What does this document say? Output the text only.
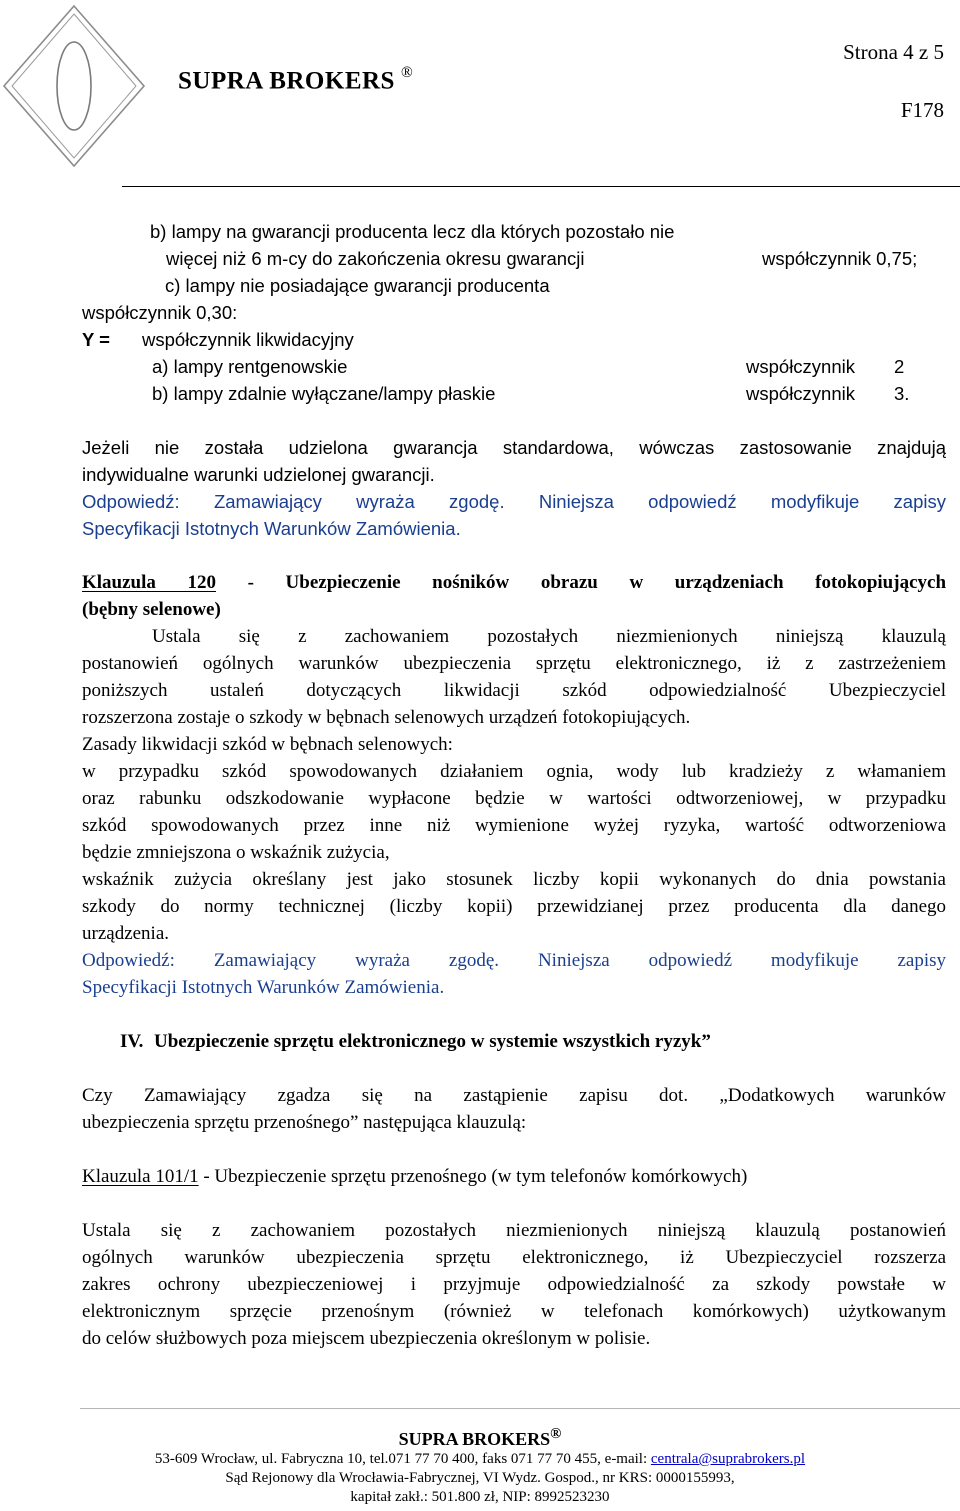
SUPRA BROKERS ®
Strona 4 z 5
F178
b) lampy na gwarancji producenta lecz dla których pozostało nie
więcej niż 6 m-cy do zakończenia okresu gwarancji	współczynnik 0,75;
c) lampy nie posiadające gwarancji producenta
współczynnik 0,30:
Y = współczynnik likwidacyjny
a) lampy rentgenowskie	współczynnik 2
b) lampy zdalnie wyłączane/lampy płaskie	współczynnik 3.
Jeżeli nie została udzielona gwarancja standardowa, wówczas zastosowanie znajdują
indywidualne warunki udzielonej gwarancji.
Odpowiedź: Zamawiający wyraża zgodę. Niniejsza odpowiedź modyfikuje zapisy
Specyfikacji Istotnych Warunków Zamówienia.
Klauzula 120 - Ubezpieczenie nośników obrazu w urządzeniach fotokopiujących
(bębny selenowe)
Ustala się z zachowaniem pozostałych niezmienionych niniejszą klauzulą
postanowień ogólnych warunków ubezpieczenia sprzętu elektronicznego, iż z zastrzeżeniem
poniższych ustaleń dotyczących likwidacji szkód odpowiedzialność Ubezpieczyciel
rozszerzona zostaje o szkody w bębnach selenowych urządzeń fotokopiujących.
Zasady likwidacji szkód w bębnach selenowych:
w przypadku szkód spowodowanych działaniem ognia, wody lub kradzieży z włamaniem
oraz rabunku odszkodowanie wypłacone będzie w wartości odtworzeniowej, w przypadku
szkód spowodowanych przez inne niż wymienione wyżej ryzyka, wartość odtworzeniowa
będzie zmniejszona o wskaźnik zużycia,
wskaźnik zużycia określany jest jako stosunek liczby kopii wykonanych do dnia powstania
szkody do normy technicznej (liczby kopii) przewidzianej przez producenta dla danego
urządzenia.
Odpowiedź: Zamawiający wyraża zgodę. Niniejsza odpowiedź modyfikuje zapisy
Specyfikacji Istotnych Warunków Zamówienia.
IV. Ubezpieczenie sprzętu elektronicznego w systemie wszystkich ryzyk”
Czy Zamawiający zgadza się na zastąpienie zapisu dot. „Dodatkowych warunków
ubezpieczenia sprzętu przenośnego” następująca klauzulą:
Klauzula 101/1 - Ubezpieczenie sprzętu przenośnego (w tym telefonów komórkowych)
Ustala się z zachowaniem pozostałych niezmienionych niniejszą klauzulą postanowień
ogólnych warunków ubezpieczenia sprzętu elektronicznego, iż Ubezpieczyciel rozszerza
zakres ochrony ubezpieczeniowej i przyjmuje odpowiedzialność za szkody powstałe w
elektronicznym sprzęcie przenośnym (również w telefonach komórkowych) użytkowanym
do celów służbowych poza miejscem ubezpieczenia określonym w polisie.
SUPRA BROKERS®
53-609 Wrocław, ul. Fabryczna 10, tel.071 77 70 400, faks 071 77 70 455, e-mail: centrala@suprabrokers.pl
Sąd Rejonowy dla Wrocławia-Fabrycznej, VI Wydz. Gospod., nr KRS: 0000155993,
kapitał zakł.: 501.800 zł, NIP: 8992523230
